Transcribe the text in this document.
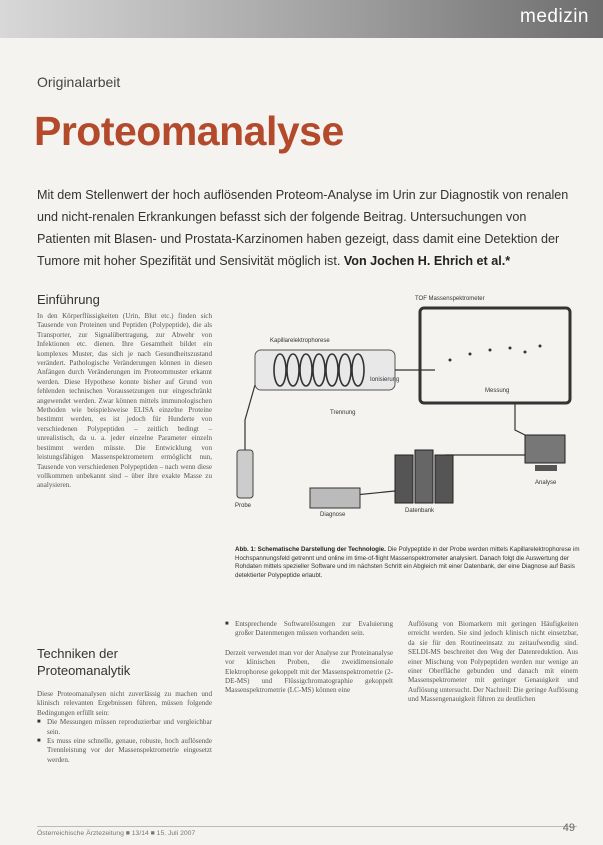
medizin
Originalarbeit
Proteomanalyse
Mit dem Stellenwert der hoch auflösenden Proteom-Analyse im Urin zur Diagnostik von renalen und nicht-renalen Erkrankungen befasst sich der folgende Beitrag. Untersuchungen von Patienten mit Blasen- und Prostata-Karzinomen haben gezeigt, dass damit eine Detektion der Tumore mit hoher Spezifität und Sensivität möglich ist. Von Jochen H. Ehrich et al.*
Einführung

In den Körperflüssigkeiten (Urin, Blut etc.) finden sich Tausende von Proteinen und Peptiden (Polypeptide), die als Transporter, zur Signalübertragung, zur Abwehr von Infektionen etc. dienen. Ihre Gesamtheit bildet ein komplexes Muster, das sich je nach Gesundheitszustand verändert. Pathologische Veränderungen können in diesen Anfängen durch Veränderungen im Proteommuster erkannt werden. Diese Hypothese konnte bisher auf Grund von fehlenden technischen Voraussetzungen nur eingeschränkt angewendet werden. Zwar können mittels immunologischen Methoden wie beispielsweise ELISA einzelne Proteine bestimmt werden, es ist jedoch für Hunderte von verschiedenen Polypeptiden – zeitlich bedingt – unrealistisch, da u. a. jeder einzelne Parameter einzeln bestimmt werden müsste. Die Entwicklung von leistungsfähigen Massenspektrometern ermöglicht nun, Tausende von verschiedenen Polypeptiden – nach wenn diese vollkommen unbekannt sind – über ihre exakte Masse zu analysieren.

Techniken der Proteomanalytik

Diese Proteomanalysen nicht zuverlässig zu machen und klinisch relevanten Ergebnissen führen, müssen folgende Bedingungen erfüllt sein:

■ Die Messungen müssen reproduzierbar und vergleichbar sein.
■ Es muss eine schnelle, genaue, robuste, hoch auflösende Trennleistung vor der Massenspektrometrie eingesetzt werden.
■ Entsprechende Softwarelösungen zur Evaluierung großer Datenmengen müssen vorhanden sein.

Derzeit verwendet man vor der Analyse zur Proteinanalyse vor klinischen Proben, die zweidimensionale Elektrophorese gekoppelt mit der Massenspektrometrie (2-DE-MS) und Flüssigchromatographie gekoppelt Massenspektrometrie (LC-MS) können eine

Auflösung von Biomarkern mit geringen Häufigkeiten erreicht werden. Sie sind jedoch klinisch nicht einsetzbar, da sie für den Routineeinsatz zu zeitaufwendig sind. SELDI-MS beschreitet den Weg der Datenreduktion. Aus einer Mischung von Polypeptiden werden nur wenige an einer Oberfläche gebunden und danach mit einem Massenspektrometer mit geringer Genauigkeit und Auflösung untersucht. Der Nachteil: Die geringe Auflösung und Massengenauigkeit führen zu deutlichen

TOF Massenspektrometer
Kapillarelektrophorese
Ionisierung
Trennung
Messung
Probe
Analyse
Datenbank
Diagnose
Abb. 1: Schematische Darstellung der Technologie. Die Polypeptide in der Probe werden mittels Kapillarelektrophorese im Hochspannungsfeld getrennt und online im time-of-flight Massenspektrometer analysiert. Danach folgt die Auswertung der Rohdaten mittels spezieller Software und im nächsten Schritt ein Abgleich mit einer Datenbank, der eine Diagnose auf Basis detektierter Polypeptide erlaubt.
Österreichische Ärztezeitung ■ 13/14 ■ 15. Juli 2007	49
